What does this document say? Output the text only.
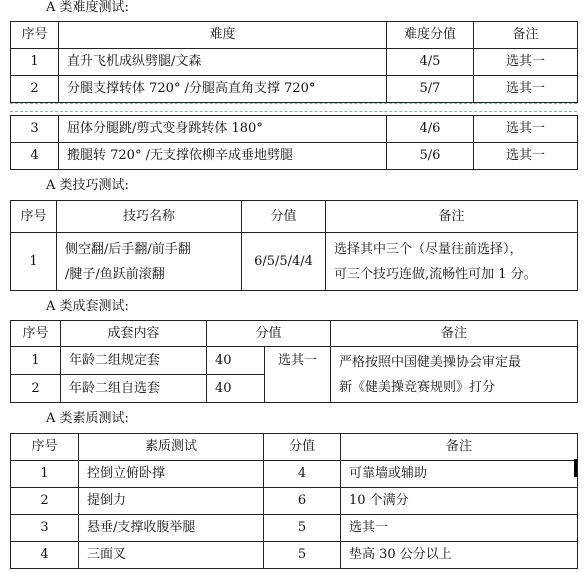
A 类难度测试:
序号	难度	难度分值	备注
1	直升飞机成纵劈腿/文森	4/5	选其一
2	分腿支撑转体 720° /分腿高直角支撑 720°	5/7	选其一
3	屈体分腿跳/剪式变身跳转体 180°	4/6	选其一
4	搬腿转 720° /无支撑依柳辛成垂地劈腿	5/6	选其一
A 类技巧测试:
序号	技巧名称	分值	备注
1	侧空翻/后手翻/前手翻
/腱子/鱼跃前滚翻	6/5/5/4/4	选择其中三个（尽量往前选择），
可三个技巧连做,流畅性可加 1 分。
A 类成套测试:
序号	成套内容	分值		备注
1	年龄二组规定套	40	选其一	严格按照中国健美操协会审定最
新《健美操竞赛规则》打分
2	年龄二组自选套	40		
A 类素质测试:
序号	素质测试	分值	备注
1	控倒立俯卧撑	4	可靠墙或辅助
2	提倒力	6	10 个满分
3	悬垂/支撑收腹举腿	5	选其一
4	三面叉	5	垫高 30 公分以上
